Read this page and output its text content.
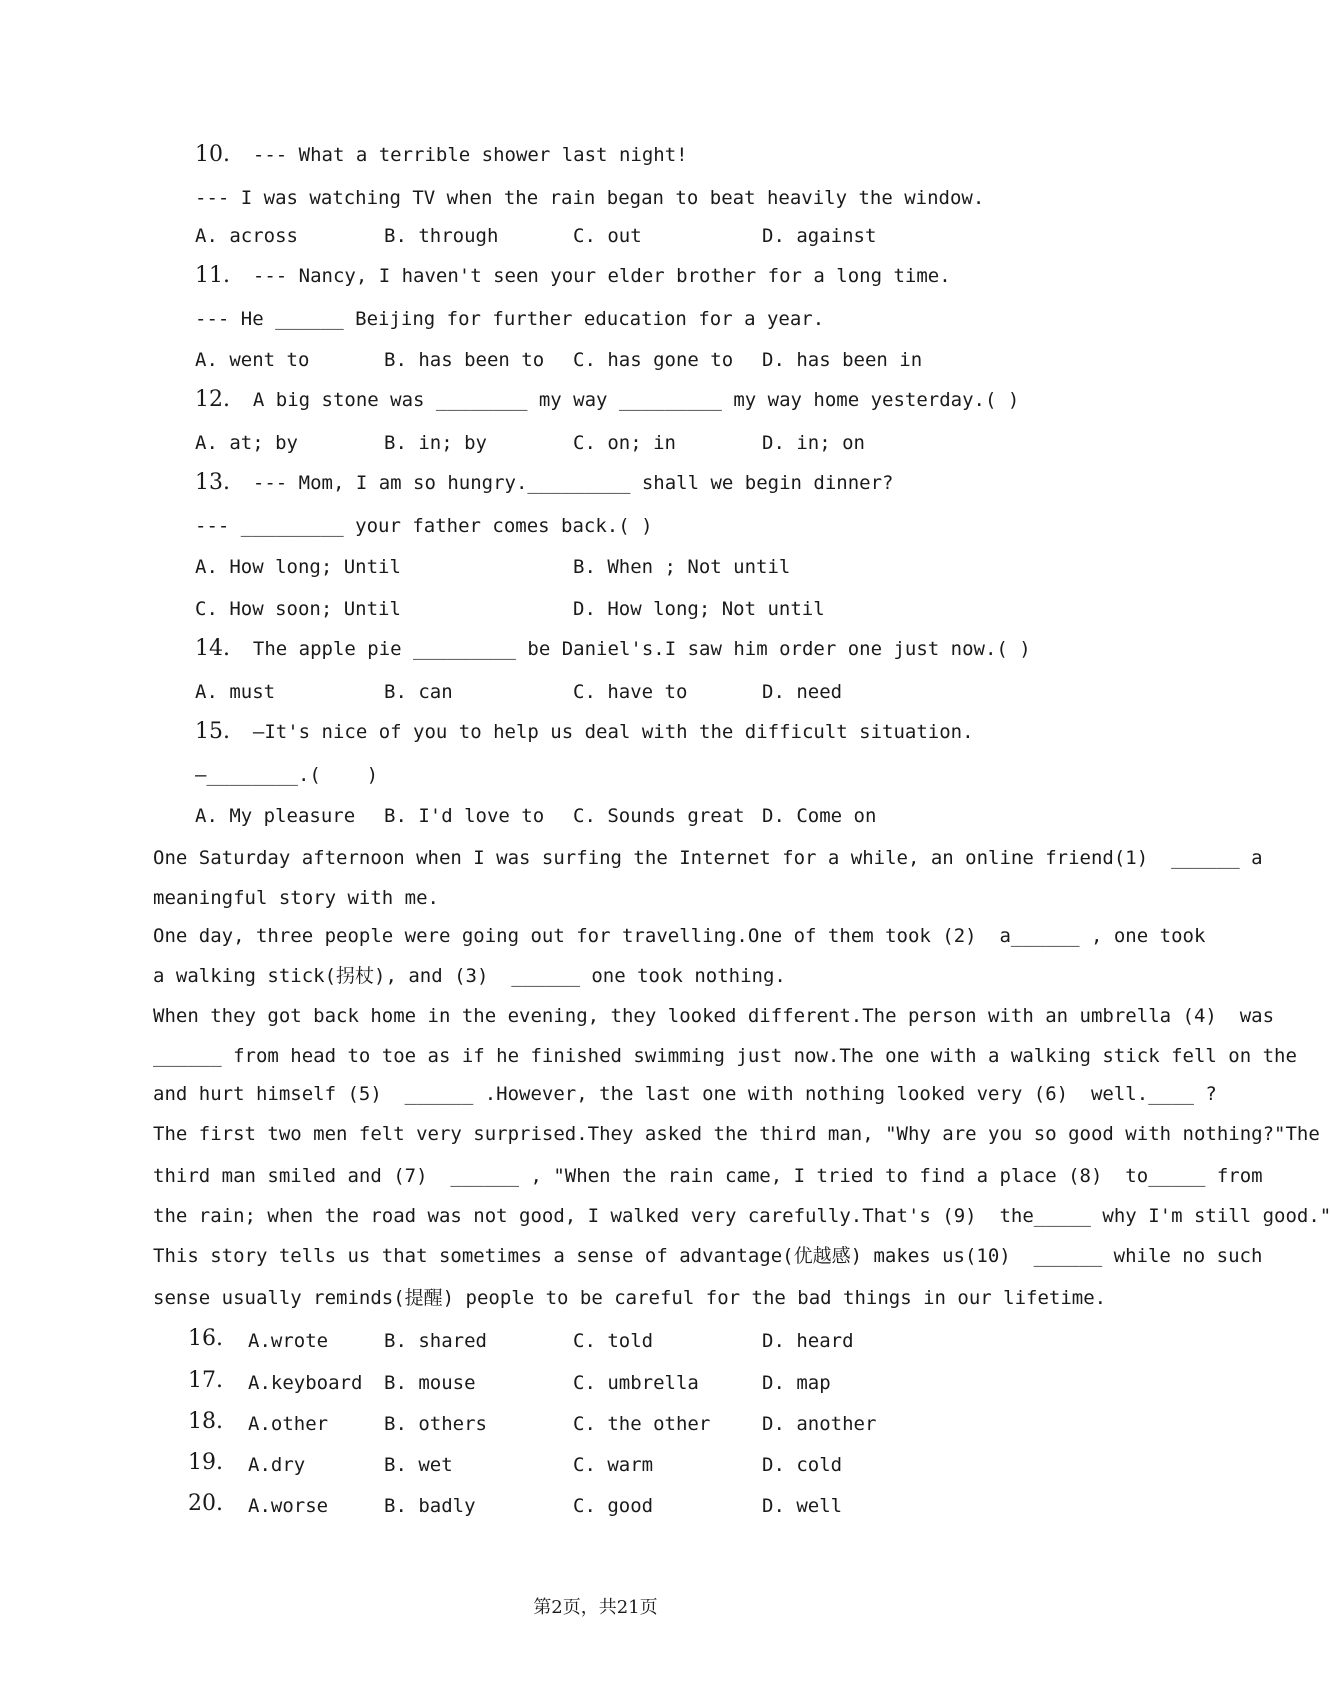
10. --- What a terrible shower last night!
--- I was watching TV when the rain began to beat heavily the window.
A. across	B. through	C. out	D. against
11. --- Nancy, I haven't seen your elder brother for a long time.
--- He ______ Beijing for further education for a year.
A. went to	B. has been to C. has gone to D. has been in
12. A big stone was ________ my way _________ my way home yesterday.( )
A. at; by	B. in; by	C. on; in	D. in; on
13. --- Mom, I am so hungry._________ shall we begin dinner?
--- _________ your father comes back.( )
A. How long; Until	B. When ; Not until
C. How soon; Until	D. How long; Not until
14. The apple pie _________ be Daniel's.I saw him order one just now.( )
A. must	B. can	C. have to	D. need
15. —It's nice of you to help us deal with the difficult situation.
—________.(    )
A. My pleasure B. I'd love to C. Sounds great D. Come on
One Saturday afternoon when I was surfing the Internet for a while, an online friend(1)  ______ a
meaningful story with me.
One day, three people were going out for travelling.One of them took (2)  a______ , one took
a walking stick(拐杖), and (3)  ______ one took nothing.
When they got back home in the evening, they looked different.The person with an umbrella (4)  was
______ from head to toe as if he finished swimming just now.The one with a walking stick fell on the
and hurt himself (5)  ______ .However, the last one with nothing looked very (6)  well.____ ?
The first two men felt very surprised.They asked the third man, "Why are you so good with nothing?"The
third man smiled and (7)  ______ , "When the rain came, I tried to find a place (8)  to_____ from
the rain; when the road was not good, I walked very carefully.That's (9)  the_____ why I'm still good."
This story tells us that sometimes a sense of advantage(优越感) makes us(10)  ______ while no such
sense usually reminds(提醒) people to be careful for the bad things in our lifetime.
16. A.wrote	B. shared	C. told	D. heard
17. A.keyboard B. mouse	C. umbrella	D. map
18. A.other	B. others	C. the other	D. another
19. A.dry	B. wet	C. warm	D. cold
20. A.worse	B. badly	C. good	D. well
第2页，共21页
